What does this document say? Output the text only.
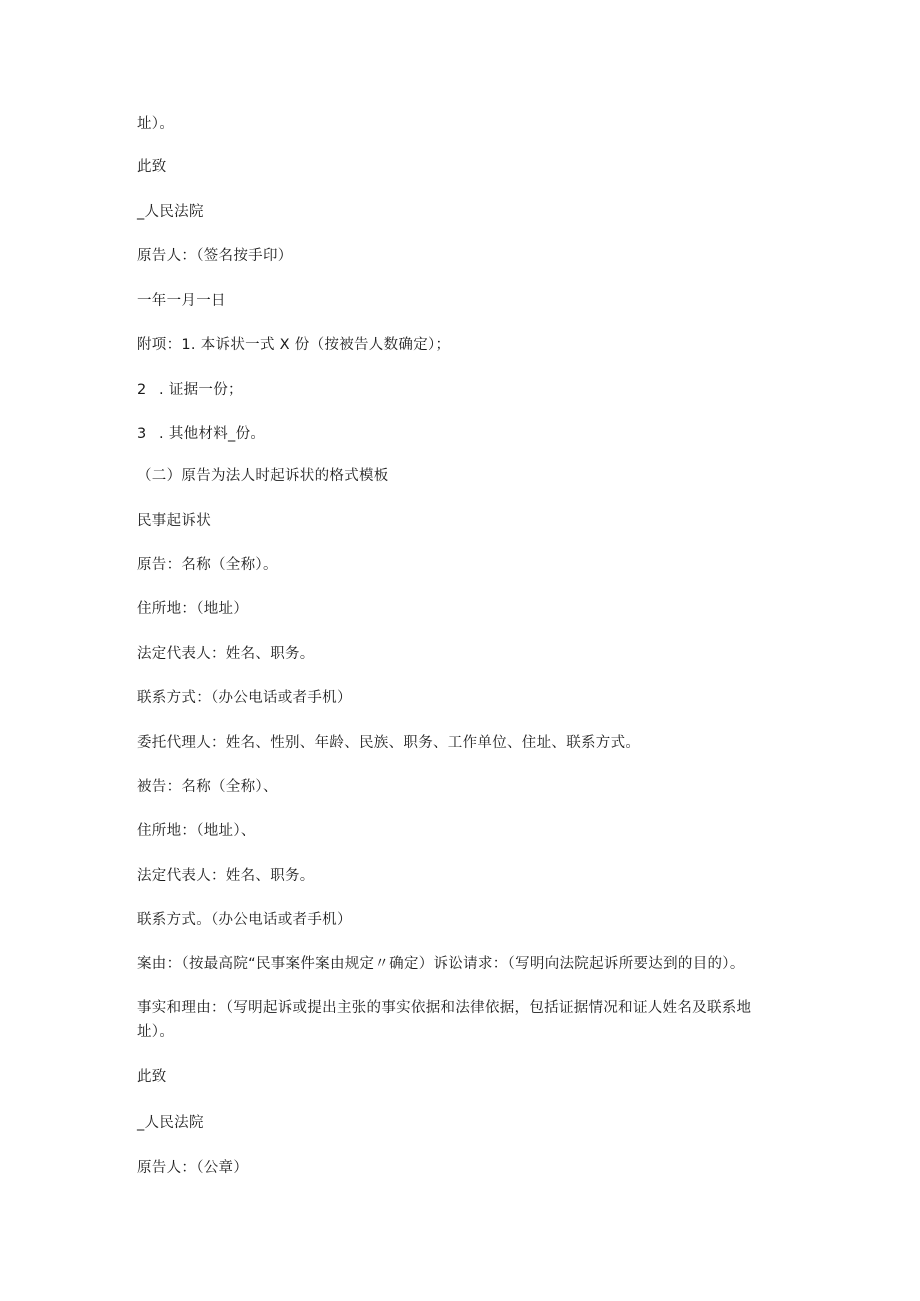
址）。

此致

_人民法院

原告人：（签名按手印）

一年一月一日

附项：1. 本诉状一式 X 份（按被告人数确定）；

2 . 证据一份；

3 . 其他材料_份。

（二）原告为法人时起诉状的格式模板

民事起诉状

原告：名称（全称）。

住所地：（地址）

法定代表人：姓名、职务。

联系方式：（办公电话或者手机）

委托代理人：姓名、性别、年龄、民族、职务、工作单位、住址、联系方式。

被告：名称（全称）、

住所地：（地址）、

法定代表人：姓名、职务。

联系方式。（办公电话或者手机）

案由：（按最高院“民事案件案由规定〃确定）诉讼请求：（写明向法院起诉所要达到的目的）。

事实和理由：（写明起诉或提出主张的事实依据和法律依据，包括证据情况和证人姓名及联系地

址）。

此致

_人民法院

原告人：（公章）
